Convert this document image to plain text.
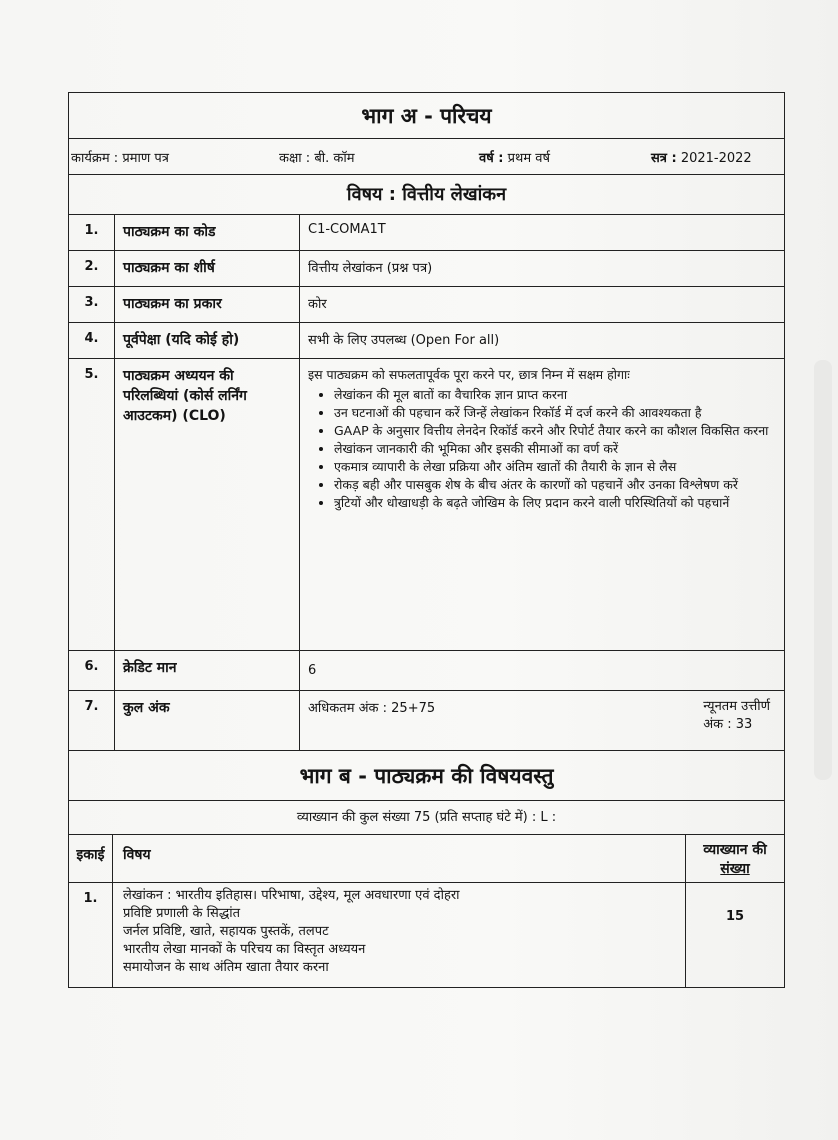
भाग अ - परिचय
कार्यक्रम : प्रमाण पत्र	कक्षा : बी. कॉम	वर्ष : प्रथम वर्ष	सत्र : 2021-2022
विषय : वित्तीय लेखांकन
1.	पाठ्यक्रम का कोड	C1-COMA1T
2.	पाठ्यक्रम का शीर्ष	वित्तीय लेखांकन (प्रश्न पत्र)
3.	पाठ्यक्रम का प्रकार	कोर
4.	पूर्वपेक्षा (यदि कोई हो)	सभी के लिए उपलब्ध (Open For all)
5.	पाठ्यक्रम अध्ययन की परिलब्धियां (कोर्स लर्निंग आउटकम) (CLO)
इस पाठ्यक्रम को सफलतापूर्वक पूरा करने पर, छात्र निम्न में सक्षम होगाः
• लेखांकन की मूल बातों का वैचारिक ज्ञान प्राप्त करना
• उन घटनाओं की पहचान करें जिन्हें लेखांकन रिकॉर्ड में दर्ज करने की आवश्यकता है
• GAAP के अनुसार वित्तीय लेनदेन रिकॉर्ड करने और रिपोर्ट तैयार करने का कौशल विकसित करना
• लेखांकन जानकारी की भूमिका और इसकी सीमाओं का वर्ण करें
• एकमात्र व्यापारी के लेखा प्रक्रिया और अंतिम खातों की तैयारी के ज्ञान से लैस
• रोकड़ बही और पासबुक शेष के बीच अंतर के कारणों को पहचानें और उनका विश्लेषण करें
• त्रुटियों और धोखाधड़ी के बढ़ते जोखिम के लिए प्रदान करने वाली परिस्थितियों को पहचानें
6.	क्रेडिट मान	6
7.	कुल अंक	अधिकतम अंक : 25+75	न्यूनतम उत्तीर्ण
अंक : 33
भाग ब - पाठ्यक्रम की विषयवस्तु
व्याख्यान की कुल संख्या 75 (प्रति सप्ताह घंटे में) : L :
इकाई	विषय	व्याख्यान की
संख्या
1.	लेखांकन : भारतीय इतिहास। परिभाषा, उद्देश्य, मूल अवधारणा एवं दोहरा
प्रविष्टि प्रणाली के सिद्धांत
जर्नल प्रविष्टि, खाते, सहायक पुस्तकें, तलपट
भारतीय लेखा मानकों के परिचय का विस्तृत अध्ययन
समायोजन के साथ अंतिम खाता तैयार करना
15
